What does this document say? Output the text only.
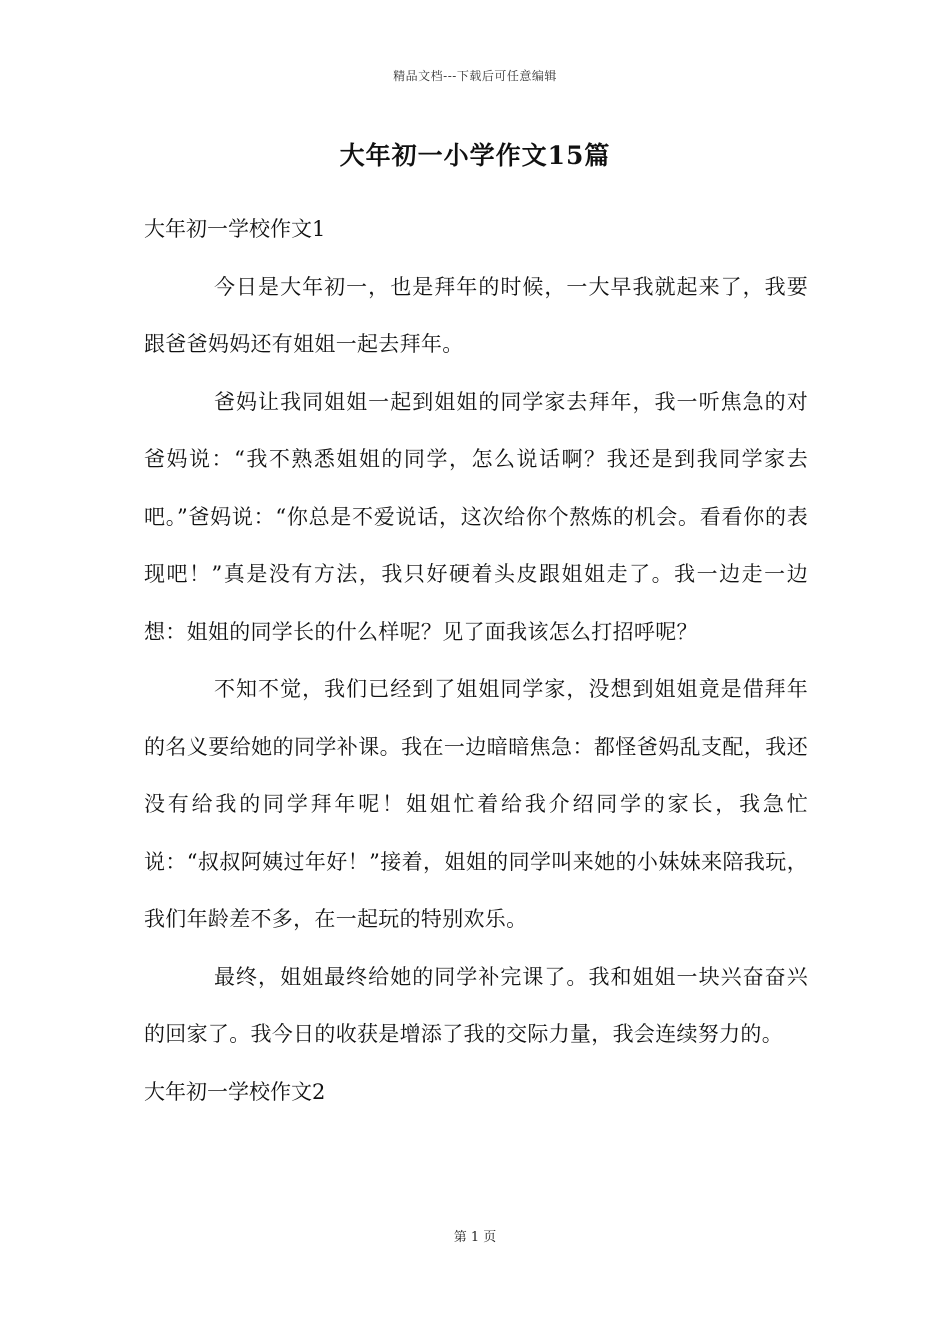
精品文档---下载后可任意编辑
大年初一小学作文15篇
大年初一学校作文1

今日是大年初一，也是拜年的时候，一大早我就起来了，我要跟爸爸妈妈还有姐姐一起去拜年。

爸妈让我同姐姐一起到姐姐的同学家去拜年，我一听焦急的对爸妈说：“我不熟悉姐姐的同学，怎么说话啊？我还是到我同学家去吧。”爸妈说：“你总是不爱说话，这次给你个熬炼的机会。看看你的表现吧！”真是没有方法，我只好硬着头皮跟姐姐走了。我一边走一边想：姐姐的同学长的什么样呢？见了面我该怎么打招呼呢？

不知不觉，我们已经到了姐姐同学家，没想到姐姐竟是借拜年的名义要给她的同学补课。我在一边暗暗焦急：都怪爸妈乱支配，我还没有给我的同学拜年呢！姐姐忙着给我介绍同学的家长，我急忙说：“叔叔阿姨过年好！”接着，姐姐的同学叫来她的小妹妹来陪我玩，我们年龄差不多，在一起玩的特别欢乐。

最终，姐姐最终给她的同学补完课了。我和姐姐一块兴奋奋兴的回家了。我今日的收获是增添了我的交际力量，我会连续努力的。

大年初一学校作文2
第 1 页
